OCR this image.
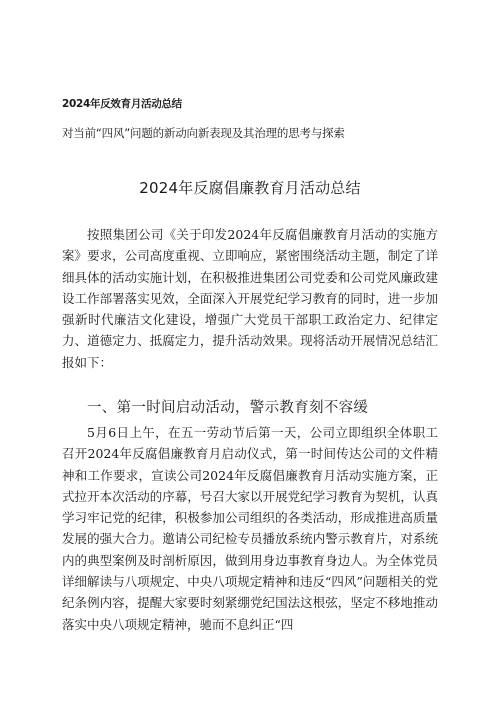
2024年反效育月活动总结
对当前“四风”问题的新动向新表现及其治理的思考与探索
2024年反腐倡廉教育月活动总结

按照集团公司《关于印发2024年反腐倡廉教育月活动的实施方案》要求，公司高度重视、立即响应，紧密围绕活动主题，制定了详细具体的活动实施计划，在积极推进集团公司党委和公司党风廉政建设工作部署落实见效，全面深入开展党纪学习教育的同时，进一步加强新时代廉洁文化建设，增强广大党员干部职工政治定力、纪律定力、道德定力、抵腐定力，提升活动效果。现将活动开展情况总结汇报如下：

一、第一时间启动活动，警示教育刻不容缓

5月6日上午，在五一劳动节后第一天，公司立即组织全体职工召开2024年反腐倡廉教育月启动仪式，第一时间传达公司的文件精神和工作要求，宣读公司2024年反腐倡廉教育月活动实施方案，正式拉开本次活动的序幕，号召大家以开展党纪学习教育为契机，认真学习牢记党的纪律，积极参加公司组织的各类活动，形成推进高质量发展的强大合力。邀请公司纪检专员播放系统内警示教育片，对系统内的典型案例及时剖析原因，做到用身边事教育身边人。为全体党员详细解读与八项规定、中央八项规定精神和违反“四风”问题相关的党纪条例内容，提醒大家要时刻紧绷党纪国法这根弦，坚定不移地推动落实中央八项规定精神，驰而不息纠正“四
